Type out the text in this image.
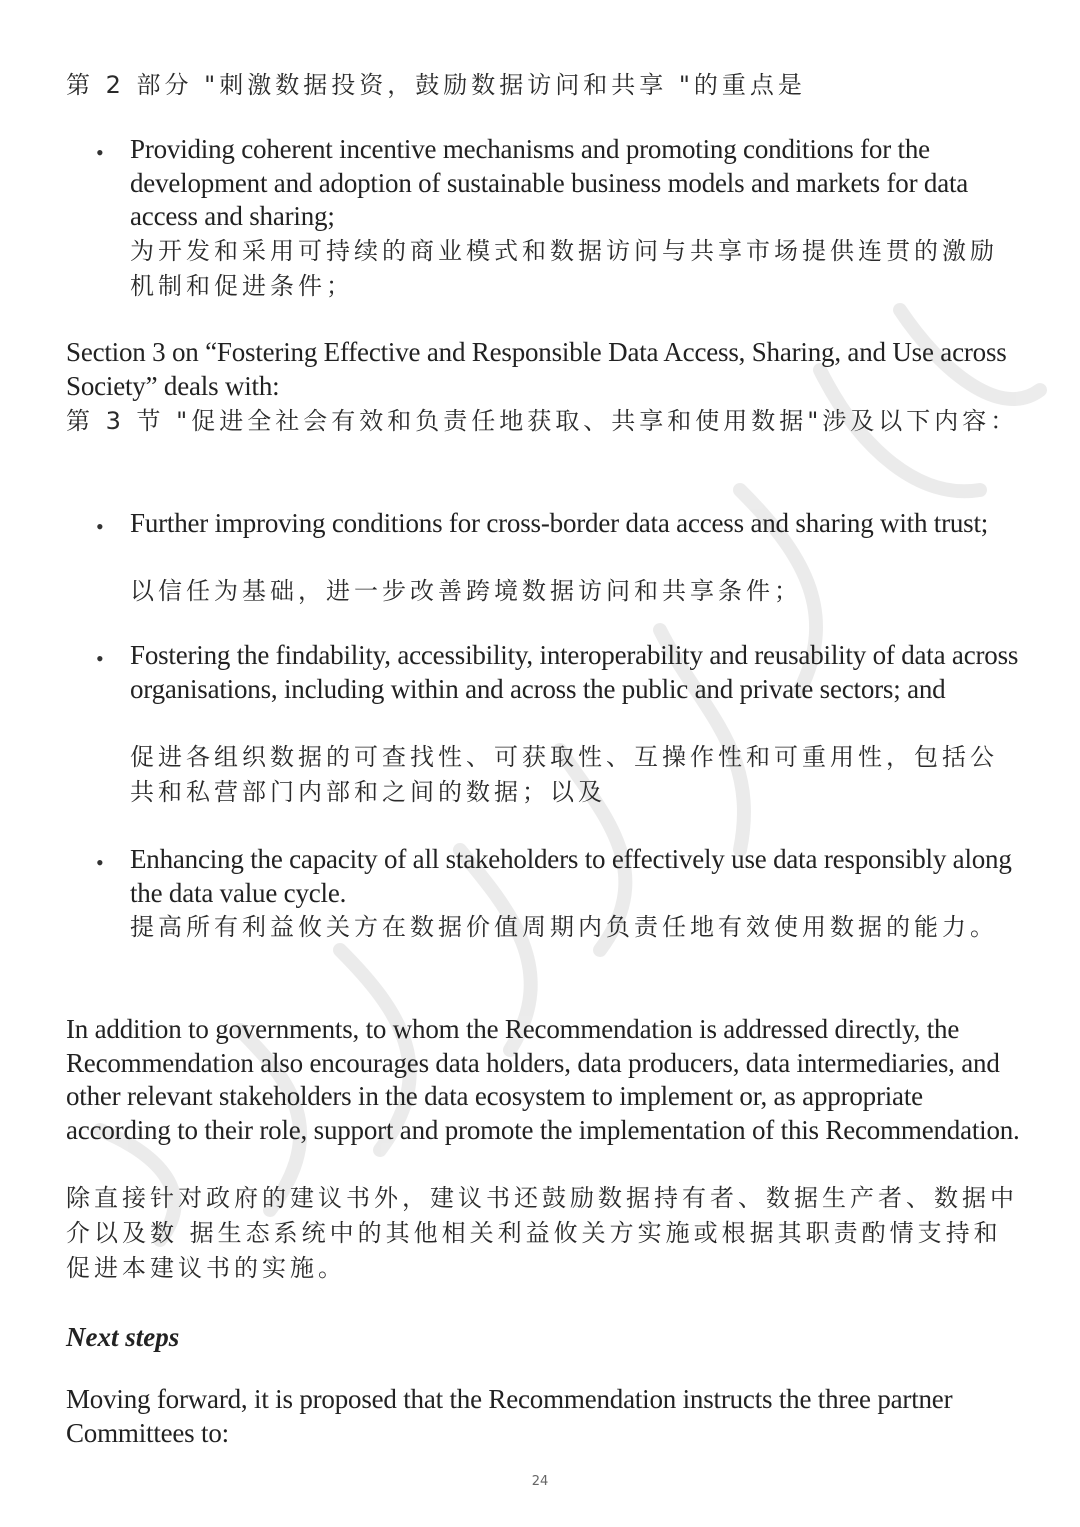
第 2 部分 "刺激数据投资，鼓励数据访问和共享 "的重点是

• Providing coherent incentive mechanisms and promoting conditions for the development and adoption of sustainable business models and markets for data access and sharing;

为开发和采用可持续的商业模式和数据访问与共享市场提供连贯的激励机制和促进条件；

Section 3 on “Fostering Effective and Responsible Data Access, Sharing, and Use across Society” deals with:

第 3 节 "促进全社会有效和负责任地获取、共享和使用数据"涉及以下内容：

• Further improving conditions for cross-border data access and sharing with trust;

以信任为基础，进一步改善跨境数据访问和共享条件；

• Fostering the findability, accessibility, interoperability and reusability of data across organisations, including within and across the public and private sectors; and

促进各组织数据的可查找性、可获取性、互操作性和可重用性，包括公共和私营部门内部和之间的数据；以及

• Enhancing the capacity of all stakeholders to effectively use data responsibly along the data value cycle.

提高所有利益攸关方在数据价值周期内负责任地有效使用数据的能力。

In addition to governments, to whom the Recommendation is addressed directly, the Recommendation also encourages data holders, data producers, data intermediaries, and other relevant stakeholders in the data ecosystem to implement or, as appropriate according to their role, support and promote the implementation of this Recommendation.

除直接针对政府的建议书外，建议书还鼓励数据持有者、数据生产者、数据中介以及数 据生态系统中的其他相关利益攸关方实施或根据其职责酌情支持和促进本建议书的实施。

Next steps

Moving forward, it is proposed that the Recommendation instructs the three partner Committees to:

24
